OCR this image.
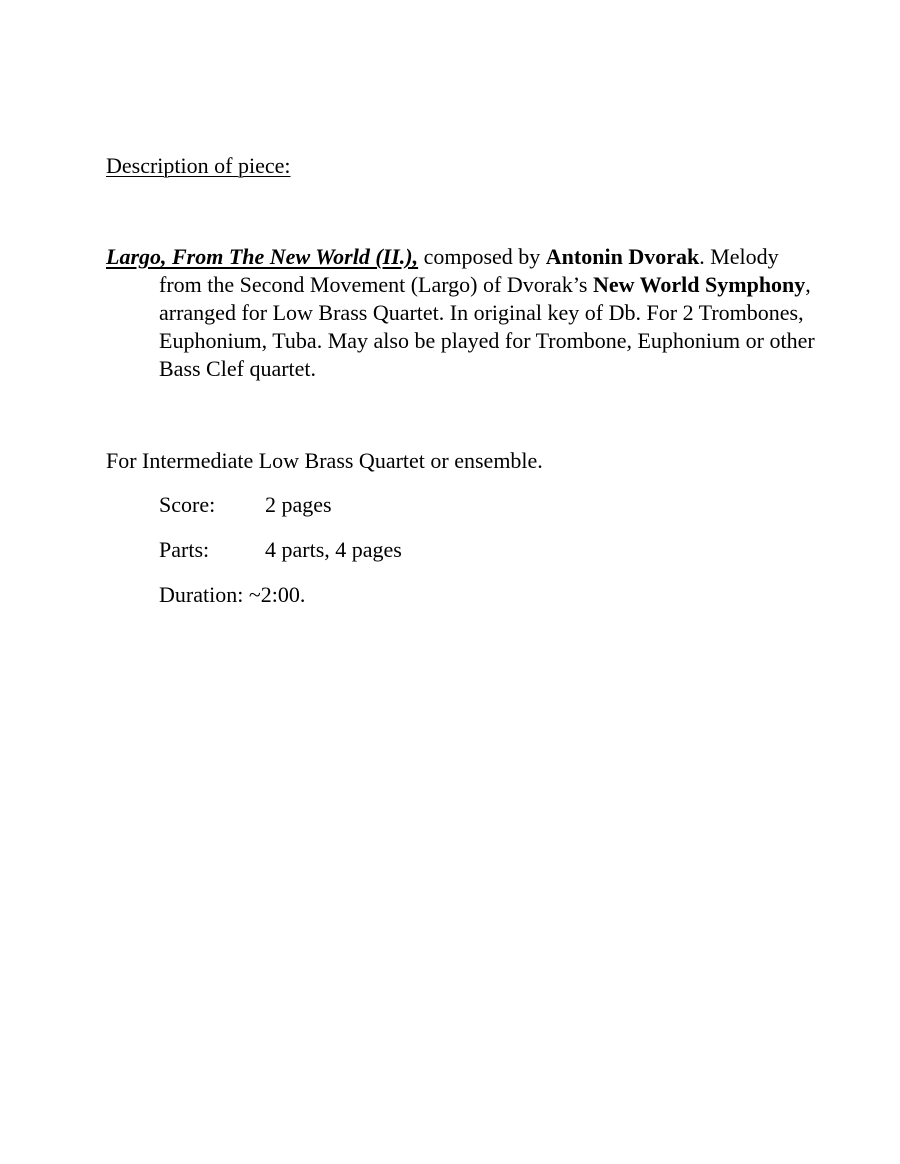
Description of piece:

Largo, From The New World (II.), composed by Antonin Dvorak. Melody from the Second Movement (Largo) of Dvorak’s New World Symphony, arranged for Low Brass Quartet. In original key of Db. For 2 Trombones, Euphonium, Tuba. May also be played for Trombone, Euphonium or other Bass Clef quartet.

For Intermediate Low Brass Quartet or ensemble.

Score: 2 pages
Parts:	4 parts, 4 pages
Duration: ~2:00.
